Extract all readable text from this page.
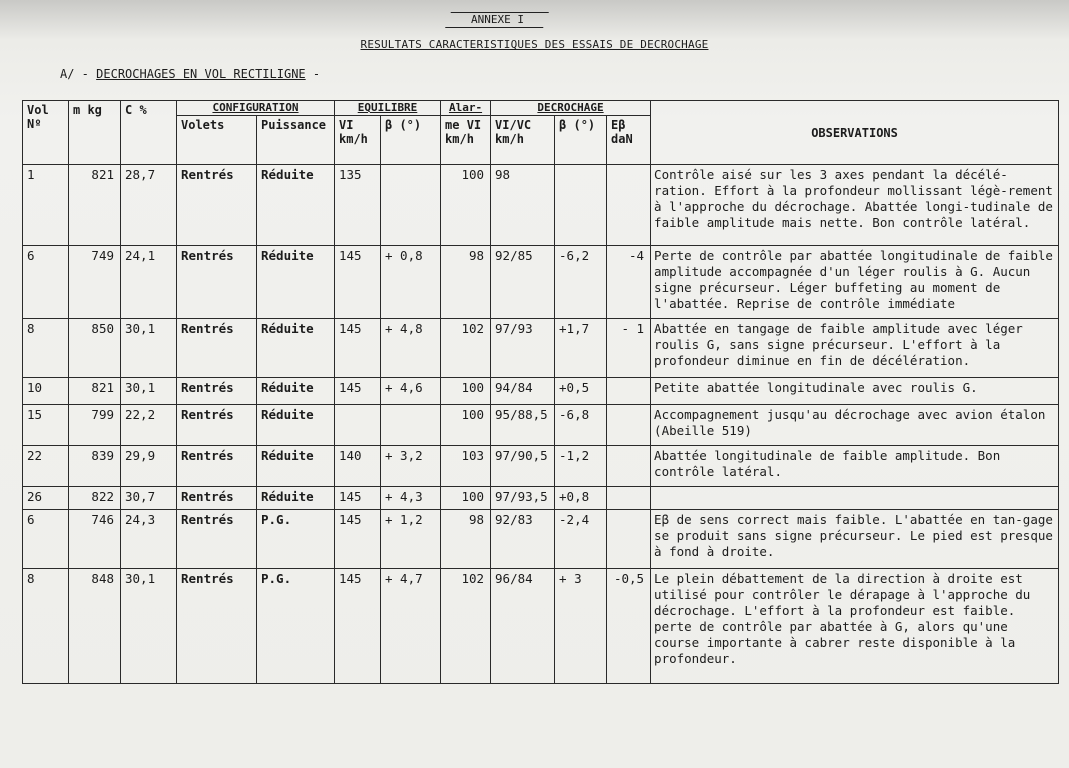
ANNEXE I
RESULTATS CARACTERISTIQUES DES ESSAIS DE DECROCHAGE
A/ - DECROCHAGES EN VOL RECTILIGNE -
Vol Nº	m kg	C %	CONFIGURATION		EQUILIBRE		Alar-	DECROCHAGE			OBSERVATIONS
			Volets	Puissance	VI km/h	β (°)	me VI km/h	VI/VC km/h	β (°)	Eβ daN	
1	821	28,7	Rentrés	Réduite	135		100	98			Contrôle aisé sur les 3 axes pendant la décélé-ration. Effort à la profondeur mollissant légè-rement à l'approche du décrochage. Abattée longi-tudinale de faible amplitude mais nette. Bon contrôle latéral.
6	749	24,1	Rentrés	Réduite	145	+ 0,8	98	92/85	-6,2	-4	Perte de contrôle par abattée longitudinale de faible amplitude accompagnée d'un léger roulis à G. Aucun signe précurseur. Léger buffeting au moment de l'abattée. Reprise de contrôle immédiate
8	850	30,1	Rentrés	Réduite	145	+ 4,8	102	97/93	+1,7	- 1	Abattée en tangage de faible amplitude avec léger roulis G, sans signe précurseur. L'effort à la profondeur diminue en fin de décélération.
10	821	30,1	Rentrés	Réduite	145	+ 4,6	100	94/84	+0,5		Petite abattée longitudinale avec roulis G.
15	799	22,2	Rentrés	Réduite			100	95/88,5	-6,8		Accompagnement jusqu'au décrochage avec avion étalon (Abeille 519)
22	839	29,9	Rentrés	Réduite	140	+ 3,2	103	97/90,5	-1,2		Abattée longitudinale de faible amplitude. Bon contrôle latéral.
26	822	30,7	Rentrés	Réduite	145	+ 4,3	100	97/93,5	+0,8		
6	746	24,3	Rentrés	P.G.	145	+ 1,2	98	92/83	-2,4		Eβ de sens correct mais faible. L'abattée en tan-gage se produit sans signe précurseur. Le pied est presque à fond à droite.
8	848	30,1	Rentrés	P.G.	145	+ 4,7	102	96/84	+ 3	-0,5	Le plein débattement de la direction à droite est utilisé pour contrôler le dérapage à l'approche du décrochage. L'effort à la profondeur est faible. perte de contrôle par abattée à G, alors qu'une course importante à cabrer reste disponible à la profondeur.
